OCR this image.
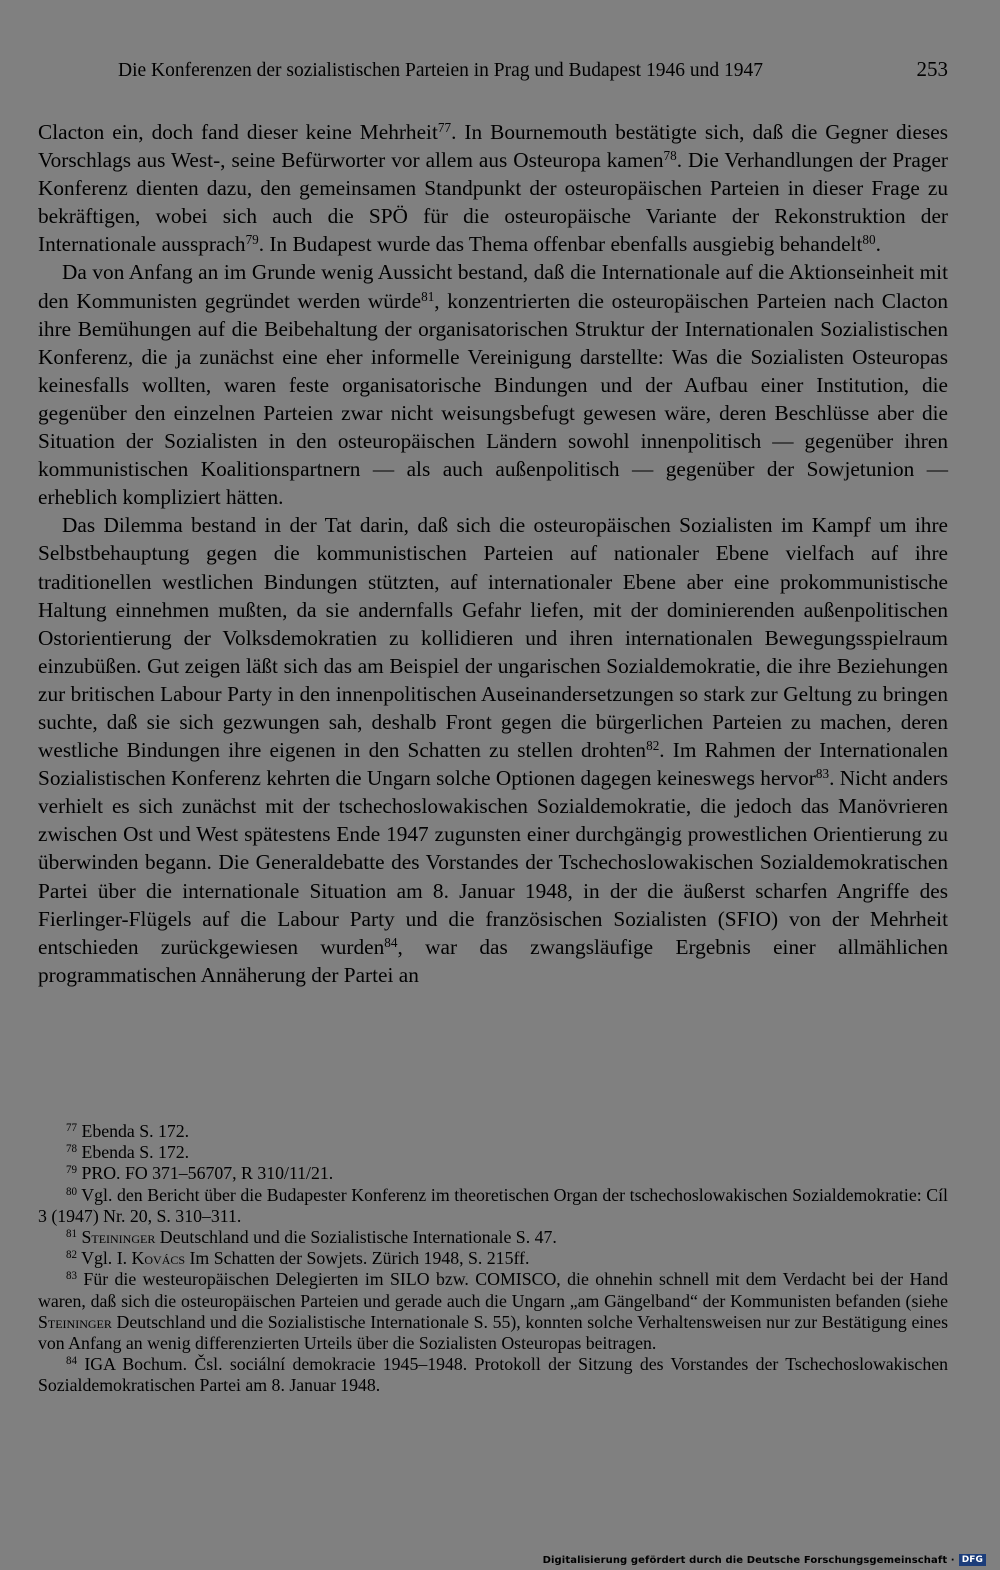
Die Konferenzen der sozialistischen Parteien in Prag und Budapest 1946 und 1947	253

Clacton ein, doch fand dieser keine Mehrheit$^{77}$. In Bournemouth bestätigte sich, daß die Gegner dieses Vorschlags aus West-, seine Befürworter vor allem aus Osteuropa kamen$^{78}$. Die Verhandlungen der Prager Konferenz dienten dazu, den gemeinsamen Standpunkt der osteuropäischen Parteien in dieser Frage zu bekräftigen, wobei sich auch die SPÖ für die osteuropäische Variante der Rekonstruktion der Internationale aussprach$^{79}$. In Budapest wurde das Thema offenbar ebenfalls ausgiebig behandelt$^{80}$.

Da von Anfang an im Grunde wenig Aussicht bestand, daß die Internationale auf die Aktionseinheit mit den Kommunisten gegründet werden würde$^{81}$, konzentrierten die osteuropäischen Parteien nach Clacton ihre Bemühungen auf die Beibehaltung der organisatorischen Struktur der Internationalen Sozialistischen Konferenz, die ja zunächst eine eher informelle Vereinigung darstellte: Was die Sozialisten Osteuropas keinesfalls wollten, waren feste organisatorische Bindungen und der Aufbau einer Institution, die gegenüber den einzelnen Parteien zwar nicht weisungsbefugt gewesen wäre, deren Beschlüsse aber die Situation der Sozialisten in den osteuropäischen Ländern sowohl innenpolitisch — gegenüber ihren kommunistischen Koalitionspartnern — als auch außenpolitisch — gegenüber der Sowjetunion — erheblich kompliziert hätten.

Das Dilemma bestand in der Tat darin, daß sich die osteuropäischen Sozialisten im Kampf um ihre Selbstbehauptung gegen die kommunistischen Parteien auf nationaler Ebene vielfach auf ihre traditionellen westlichen Bindungen stützten, auf internationaler Ebene aber eine prokommunistische Haltung einnehmen mußten, da sie andernfalls Gefahr liefen, mit der dominierenden außenpolitischen Ostorientierung der Volksdemokratien zu kollidieren und ihren internationalen Bewegungsspielraum einzubüßen. Gut zeigen läßt sich das am Beispiel der ungarischen Sozialdemokratie, die ihre Beziehungen zur britischen Labour Party in den innenpolitischen Auseinandersetzungen so stark zur Geltung zu bringen suchte, daß sie sich gezwungen sah, deshalb Front gegen die bürgerlichen Parteien zu machen, deren westliche Bindungen ihre eigenen in den Schatten zu stellen drohten$^{82}$. Im Rahmen der Internationalen Sozialistischen Konferenz kehrten die Ungarn solche Optionen dagegen keineswegs hervor$^{83}$. Nicht anders verhielt es sich zunächst mit der tschechoslowakischen Sozialdemokratie, die jedoch das Manövrieren zwischen Ost und West spätestens Ende 1947 zugunsten einer durchgängig prowestlichen Orientierung zu überwinden begann. Die Generaldebatte des Vorstandes der Tschechoslowakischen Sozialdemokratischen Partei über die internationale Situation am 8. Januar 1948, in der die äußerst scharfen Angriffe des Fierlinger-Flügels auf die Labour Party und die französischen Sozialisten (SFIO) von der Mehrheit entschieden zurückgewiesen wurden$^{84}$, war das zwangsläufige Ergebnis einer allmählichen programmatischen Annäherung der Partei an

$^{77}$ Ebenda S. 172.

$^{78}$ Ebenda S. 172.

$^{79}$ PRO. FO 371–56707, R 310/11/21.

$^{80}$ Vgl. den Bericht über die Budapester Konferenz im theoretischen Organ der tschechoslowakischen Sozialdemokratie: Cíl 3 (1947) Nr. 20, S. 310–311.

$^{81}$ Steininger Deutschland und die Sozialistische Internationale S. 47.

$^{82}$ Vgl. I. Kovács Im Schatten der Sowjets. Zürich 1948, S. 215ff.

$^{83}$ Für die westeuropäischen Delegierten im SILO bzw. COMISCO, die ohnehin schnell mit dem Verdacht bei der Hand waren, daß sich die osteuropäischen Parteien und gerade auch die Ungarn „am Gängelband“ der Kommunisten befanden (siehe Steininger Deutschland und die Sozialistische Internationale S. 55), konnten solche Verhaltensweisen nur zur Bestätigung eines von Anfang an wenig differenzierten Urteils über die Sozialisten Osteuropas beitragen.

$^{84}$ IGA Bochum. Čsl. sociální demokracie 1945–1948. Protokoll der Sitzung des Vorstandes der Tschechoslowakischen Sozialdemokratischen Partei am 8. Januar 1948.

Digitalisierung gefördert durch die Deutsche Forschungsgemeinschaft · DFG
